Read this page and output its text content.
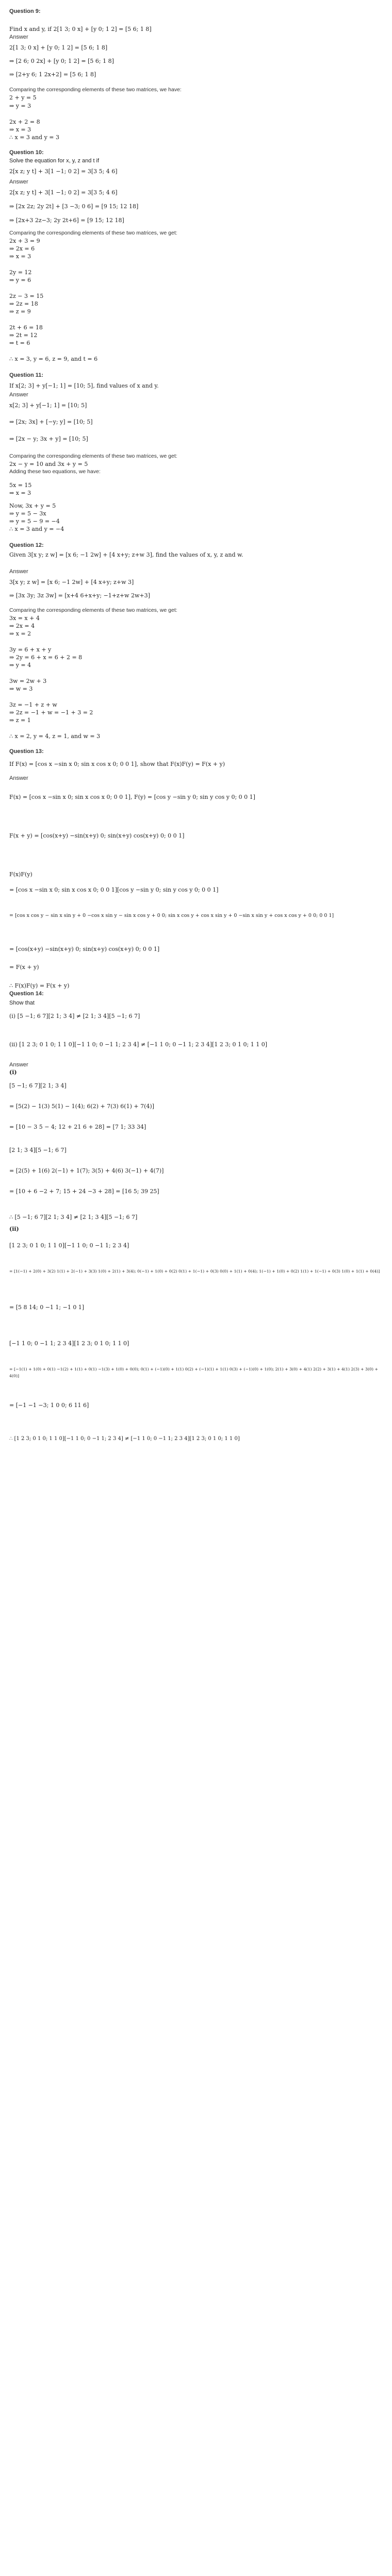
Question 9:
Find x and y, if 2[1 3; 0 x] + [y 0; 1 2] = [5 6; 1 8]
Answer
2[1 3; 0 x] + [y 0; 1 2] = [5 6; 1 8]
⇒ [2 6; 0 2x] + [y 0; 1 2] = [5 6; 1 8]
⇒ [2+y 6; 1 2x+2] = [5 6; 1 8]
Comparing the corresponding elements of these two matrices, we have:
2 + y = 5
⇒ y = 3
2x + 2 = 8
⇒ x = 3
∴ x = 3 and y = 3
Question 10:
Solve the equation for x, y, z and t if
2[x z; y t] + 3[1 −1; 0 2] = 3[3 5; 4 6]
Answer
2[x z; y t] + 3[1 −1; 0 2] = 3[3 5; 4 6]
⇒ [2x 2z; 2y 2t] + [3 −3; 0 6] = [9 15; 12 18]
⇒ [2x+3 2z−3; 2y 2t+6] = [9 15; 12 18]
Comparing the corresponding elements of these two matrices, we get:
2x + 3 = 9
⇒ 2x = 6
⇒ x = 3
2y = 12
⇒ y = 6
2z − 3 = 15
⇒ 2z = 18
⇒ z = 9
2t + 6 = 18
⇒ 2t = 12
⇒ t = 6
∴ x = 3, y = 6, z = 9, and t = 6
Question 11:
If x[2; 3] + y[−1; 1] = [10; 5], find values of x and y.
Answer
x[2; 3] + y[−1; 1] = [10; 5]
⇒ [2x; 3x] + [−y; y] = [10; 5]
⇒ [2x − y; 3x + y] = [10; 5]
Comparing the corresponding elements of these two matrices, we get:
2x − y = 10 and 3x + y = 5
Adding these two equations, we have:
5x = 15
⇒ x = 3
Now, 3x + y = 5
⇒ y = 5 − 3x
⇒ y = 5 − 9 = −4
∴ x = 3 and y = −4
Question 12:
Given 3[x y; z w] = [x 6; −1 2w] + [4 x+y; z+w 3], find the values of x, y, z and w.
Answer
3[x y; z w] = [x 6; −1 2w] + [4 x+y; z+w 3]
⇒ [3x 3y; 3z 3w] = [x+4 6+x+y; −1+z+w 2w+3]
Comparing the corresponding elements of these two matrices, we get:
3x = x + 4
⇒ 2x = 4
⇒ x = 2
3y = 6 + x + y
⇒ 2y = 6 + x = 6 + 2 = 8
⇒ y = 4
3w = 2w + 3
⇒ w = 3
3z = −1 + z + w
⇒ 2z = −1 + w = −1 + 3 = 2
⇒ z = 1
∴ x = 2, y = 4, z = 1, and w = 3
Question 13:
If F(x) = [cos x −sin x 0; sin x cos x 0; 0 0 1], show that F(x)F(y) = F(x + y)
Answer
F(x) = [cos x −sin x 0; sin x cos x 0; 0 0 1], F(y) = [cos y −sin y 0; sin y cos y 0; 0 0 1]
F(x + y) = [cos(x+y) −sin(x+y) 0; sin(x+y) cos(x+y) 0; 0 0 1]
F(x)F(y)
= [cos x −sin x 0; sin x cos x 0; 0 0 1][cos y −sin y 0; sin y cos y 0; 0 0 1]
= [cos x cos y − sin x sin y + 0 −cos x sin y − sin x cos y + 0 0; sin x cos y + cos x sin y + 0 −sin x sin y + cos x cos y + 0 0; 0 0 1]
= [cos(x+y) −sin(x+y) 0; sin(x+y) cos(x+y) 0; 0 0 1]
= F(x + y)
∴ F(x)F(y) = F(x + y)
Question 14:
Show that
(i) [5 −1; 6 7][2 1; 3 4] ≠ [2 1; 3 4][5 −1; 6 7]
(ii) [1 2 3; 0 1 0; 1 1 0][−1 1 0; 0 −1 1; 2 3 4] ≠ [−1 1 0; 0 −1 1; 2 3 4][1 2 3; 0 1 0; 1 1 0]
Answer
(i)
[5 −1; 6 7][2 1; 3 4]
= [5(2) − 1(3) 5(1) − 1(4); 6(2) + 7(3) 6(1) + 7(4)]
= [10 − 3 5 − 4; 12 + 21 6 + 28] = [7 1; 33 34]
[2 1; 3 4][5 −1; 6 7]
= [2(5) + 1(6) 2(−1) + 1(7); 3(5) + 4(6) 3(−1) + 4(7)]
= [10 + 6 −2 + 7; 15 + 24 −3 + 28] = [16 5; 39 25]
∴ [5 −1; 6 7][2 1; 3 4] ≠ [2 1; 3 4][5 −1; 6 7]
(ii)
[1 2 3; 0 1 0; 1 1 0][−1 1 0; 0 −1 1; 2 3 4]
= [1(−1) + 2(0) + 3(2) 1(1) + 2(−1) + 3(3) 1(0) + 2(1) + 3(4); 0(−1) + 1(0) + 0(2) 0(1) + 1(−1) + 0(3) 0(0) + 1(1) + 0(4); 1(−1) + 1(0) + 0(2) 1(1) + 1(−1) + 0(3) 1(0) + 1(1) + 0(4)]
= [5 8 14; 0 −1 1; −1 0 1]
[−1 1 0; 0 −1 1; 2 3 4][1 2 3; 0 1 0; 1 1 0]
= [−1(1) + 1(0) + 0(1) −1(2) + 1(1) + 0(1) −1(3) + 1(0) + 0(0); 0(1) + (−1)(0) + 1(1) 0(2) + (−1)(1) + 1(1) 0(3) + (−1)(0) + 1(0); 2(1) + 3(0) + 4(1) 2(2) + 3(1) + 4(1) 2(3) + 3(0) + 4(0)]
= [−1 −1 −3; 1 0 0; 6 11 6]
∴ [1 2 3; 0 1 0; 1 1 0][−1 1 0; 0 −1 1; 2 3 4] ≠ [−1 1 0; 0 −1 1; 2 3 4][1 2 3; 0 1 0; 1 1 0]
